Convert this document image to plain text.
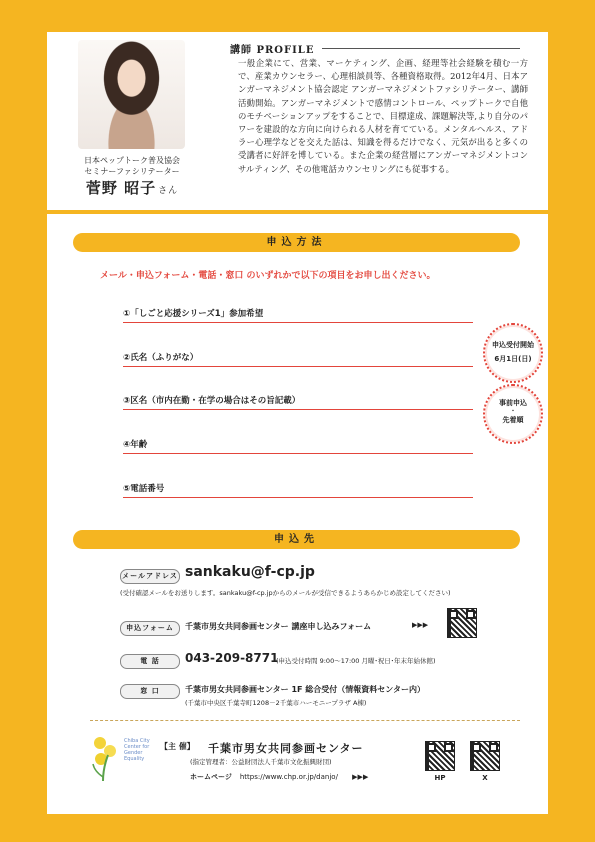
日本ペップトーク普及協会
セミナーファシリテーター
菅野 昭子 さん
講師 PROFILE
一般企業にて、営業、マーケティング、企画、経理等社会経験を積む一方で、産業カウンセラー、心理相談員等、各種資格取得。2012年4月、日本アンガーマネジメント協会認定 アンガーマネジメントファシリテーター、講師活動開始。アンガーマネジメントで感情コントロール、ペップトークで自他のモチベーションアップをすることで、目標達成、課題解決等,より自分のパワーを建設的な方向に向けられる人材を育てている。メンタルヘルス、アドラー心理学などを交えた話は、知識を得るだけでなく、元気が出ると多くの受講者に好評を博している。また企業の経営層にアンガーマネジメントコンサルティング、その他電話カウンセリングにも従事する。
申込方法
メール・申込フォーム・電話・窓口 のいずれかで以下の項目をお申し出ください。
①「しごと応援シリーズ1」参加希望
②氏名（ふりがな）
③区名（市内在勤・在学の場合はその旨記載）
④年齢
⑤電話番号
申込受付開始
6月1日(日)
事前申込
・
先着順
申込先
メールアドレス sankaku@f-cp.jp
(受付確認メールをお送りします。sankaku@f-cp.jpからのメールが受信できるようあらかじめ設定してください)
申込フォーム	千葉市男女共同参画センター 講座申し込みフォーム	▶▶▶
電 話	043-209-8771
(申込受付時間 9:00～17:00 月曜･祝日･年末年始休館)
窓 口	千葉市男女共同参画センター 1F 総合受付（情報資料センター内）
(千葉市中央区千葉寺町1208－2千葉市ハーモニープラザ A棟)
Chiba City Center for Gender Equality
【主 催】 千葉市男女共同参画センター
(指定管理者：公益財団法人千葉市文化振興財団)
ホームページ https://www.chp.or.jp/danjo/ ▶▶▶	HP	X
